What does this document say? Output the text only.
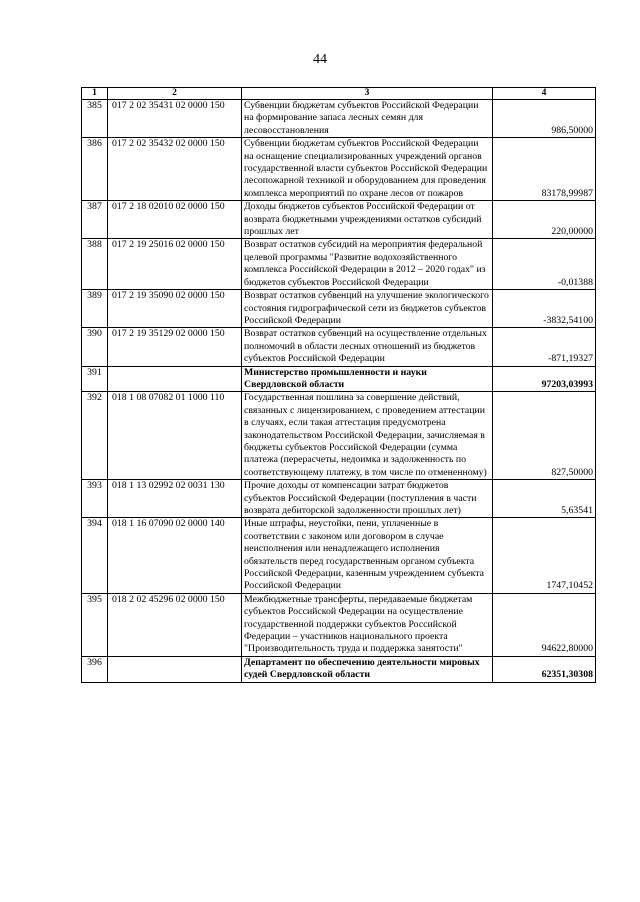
44
1	2	3	4
385	017 2 02 35431 02 0000 150	Субвенции бюджетам субъектов Российской Федерации на формирование запаса лесных семян для лесовосстановления	986,50000
386	017 2 02 35432 02 0000 150	Субвенции бюджетам субъектов Российской Федерации на оснащение специализированных учреждений органов государственной власти субъектов Российской Федерации лесопожарной техникой и оборудованием для проведения комплекса мероприятий по охране лесов от пожаров	83178,99987
387	017 2 18 02010 02 0000 150	Доходы бюджетов субъектов Российской Федерации от возврата бюджетными учреждениями остатков субсидий прошлых лет	220,00000
388	017 2 19 25016 02 0000 150	Возврат остатков субсидий на мероприятия федеральной целевой программы "Развитие водохозяйственного комплекса Российской Федерации в 2012 – 2020 годах" из бюджетов субъектов Российской Федерации	-0,01388
389	017 2 19 35090 02 0000 150	Возврат остатков субвенций на улучшение экологического состояния гидрографической сети из бюджетов субъектов Российской Федерации	-3832,54100
390	017 2 19 35129 02 0000 150	Возврат остатков субвенций на осуществление отдельных полномочий в области лесных отношений из бюджетов субъектов Российской Федерации	-871,19327
391		Министерство промышленности и науки Свердловской области	97203,03993
392	018 1 08 07082 01 1000 110	Государственная пошлина за совершение действий, связанных с лицензированием, с проведением аттестации в случаях, если такая аттестация предусмотрена законодательством Российской Федерации, зачисляемая в бюджеты субъектов Российской Федерации (сумма платежа (перерасчеты, недоимка и задолженность по соответствующему платежу, в том числе по отмененному)	827,50000
393	018 1 13 02992 02 0031 130	Прочие доходы от компенсации затрат бюджетов субъектов Российской Федерации (поступления в части возврата дебиторской задолженности прошлых лет)	5,63541
394	018 1 16 07090 02 0000 140	Иные штрафы, неустойки, пени, уплаченные в соответствии с законом или договором в случае неисполнения или ненадлежащего исполнения обязательств перед государственным органом субъекта Российской Федерации, казенным учреждением субъекта Российской Федерации	1747,10452
395	018 2 02 45296 02 0000 150	Межбюджетные трансферты, передаваемые бюджетам субъектов Российской Федерации на осуществление государственной поддержки субъектов Российской Федерации – участников национального проекта "Производительность труда и поддержка занятости"	94622,80000
396		Департамент по обеспечению деятельности мировых судей Свердловской области	62351,30308
